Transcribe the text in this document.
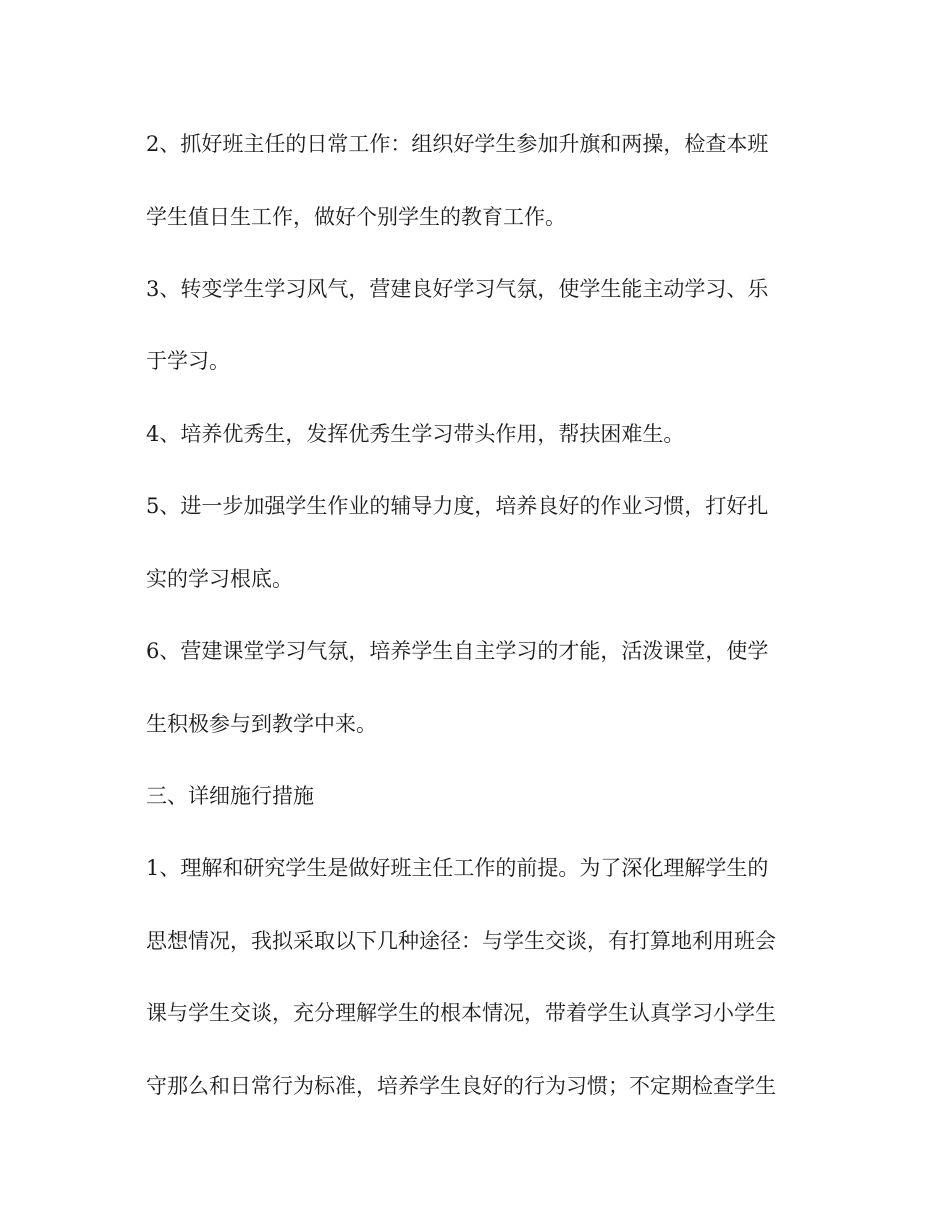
2、抓好班主任的日常工作：组织好学生参加升旗和两操，检查本班

学生值日生工作，做好个别学生的教育工作。

3、转变学生学习风气，营建良好学习气氛，使学生能主动学习、乐

于学习。

4、培养优秀生，发挥优秀生学习带头作用，帮扶困难生。

5、进一步加强学生作业的辅导力度，培养良好的作业习惯，打好扎

实的学习根底。

6、营建课堂学习气氛，培养学生自主学习的才能，活泼课堂，使学

生积极参与到教学中来。

三、详细施行措施

1、理解和研究学生是做好班主任工作的前提。为了深化理解学生的

思想情况，我拟采取以下几种途径：与学生交谈，有打算地利用班会

课与学生交谈，充分理解学生的根本情况，带着学生认真学习小学生

守那么和日常行为标准，培养学生良好的行为习惯；不定期检查学生
